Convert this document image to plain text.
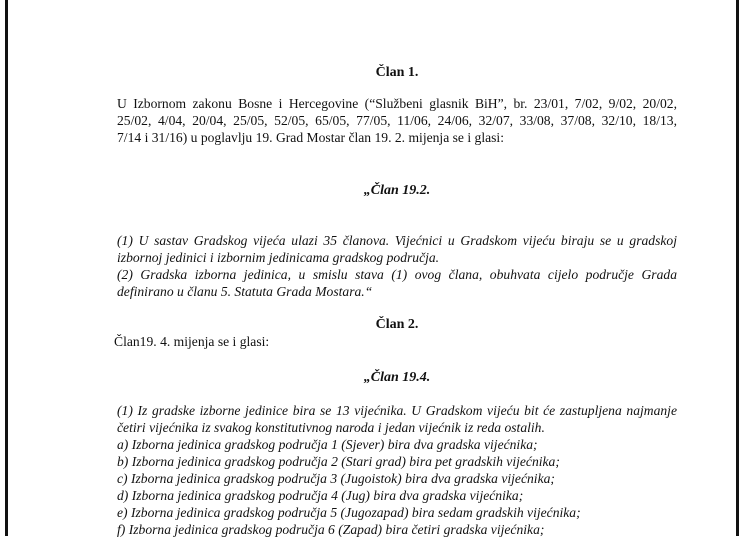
Član 1.
U Izbornom zakonu Bosne i Hercegovine (“Službeni glasnik BiH”, br. 23/01, 7/02, 9/02, 20/02,
25/02, 4/04, 20/04, 25/05, 52/05, 65/05, 77/05, 11/06, 24/06, 32/07, 33/08, 37/08, 32/10, 18/13,
7/14 i 31/16) u poglavlju 19. Grad Mostar član 19. 2. mijenja se i glasi:
„Član 19.2.
(1) U sastav Gradskog vijeća ulazi 35 članova. Vijećnici u Gradskom vijeću biraju se u gradskoj
izbornoj jedinici i izbornim jedinicama gradskog područja.
(2) Gradska izborna jedinica, u smislu stava (1) ovog člana, obuhvata cijelo područje Grada
definirano u članu 5. Statuta Grada Mostara.“
Član 2.
Član19. 4. mijenja se i glasi:
„Član 19.4.
(1) Iz gradske izborne jedinice bira se 13 vijećnika. U Gradskom vijeću bit će zastupljena najmanje
četiri vijećnika iz svakog konstitutivnog naroda i jedan vijećnik iz reda ostalih.
a) Izborna jedinica gradskog područja 1 (Sjever) bira dva gradska vijećnika;
b) Izborna jedinica gradskog područja 2 (Stari grad) bira pet gradskih vijećnika;
c) Izborna jedinica gradskog područja 3 (Jugoistok) bira dva gradska vijećnika;
d) Izborna jedinica gradskog područja 4 (Jug) bira dva gradska vijećnika;
e) Izborna jedinica gradskog područja 5 (Jugozapad) bira sedam gradskih vijećnika;
f) Izborna jedinica gradskog područja 6 (Zapad) bira četiri gradska vijećnika;
